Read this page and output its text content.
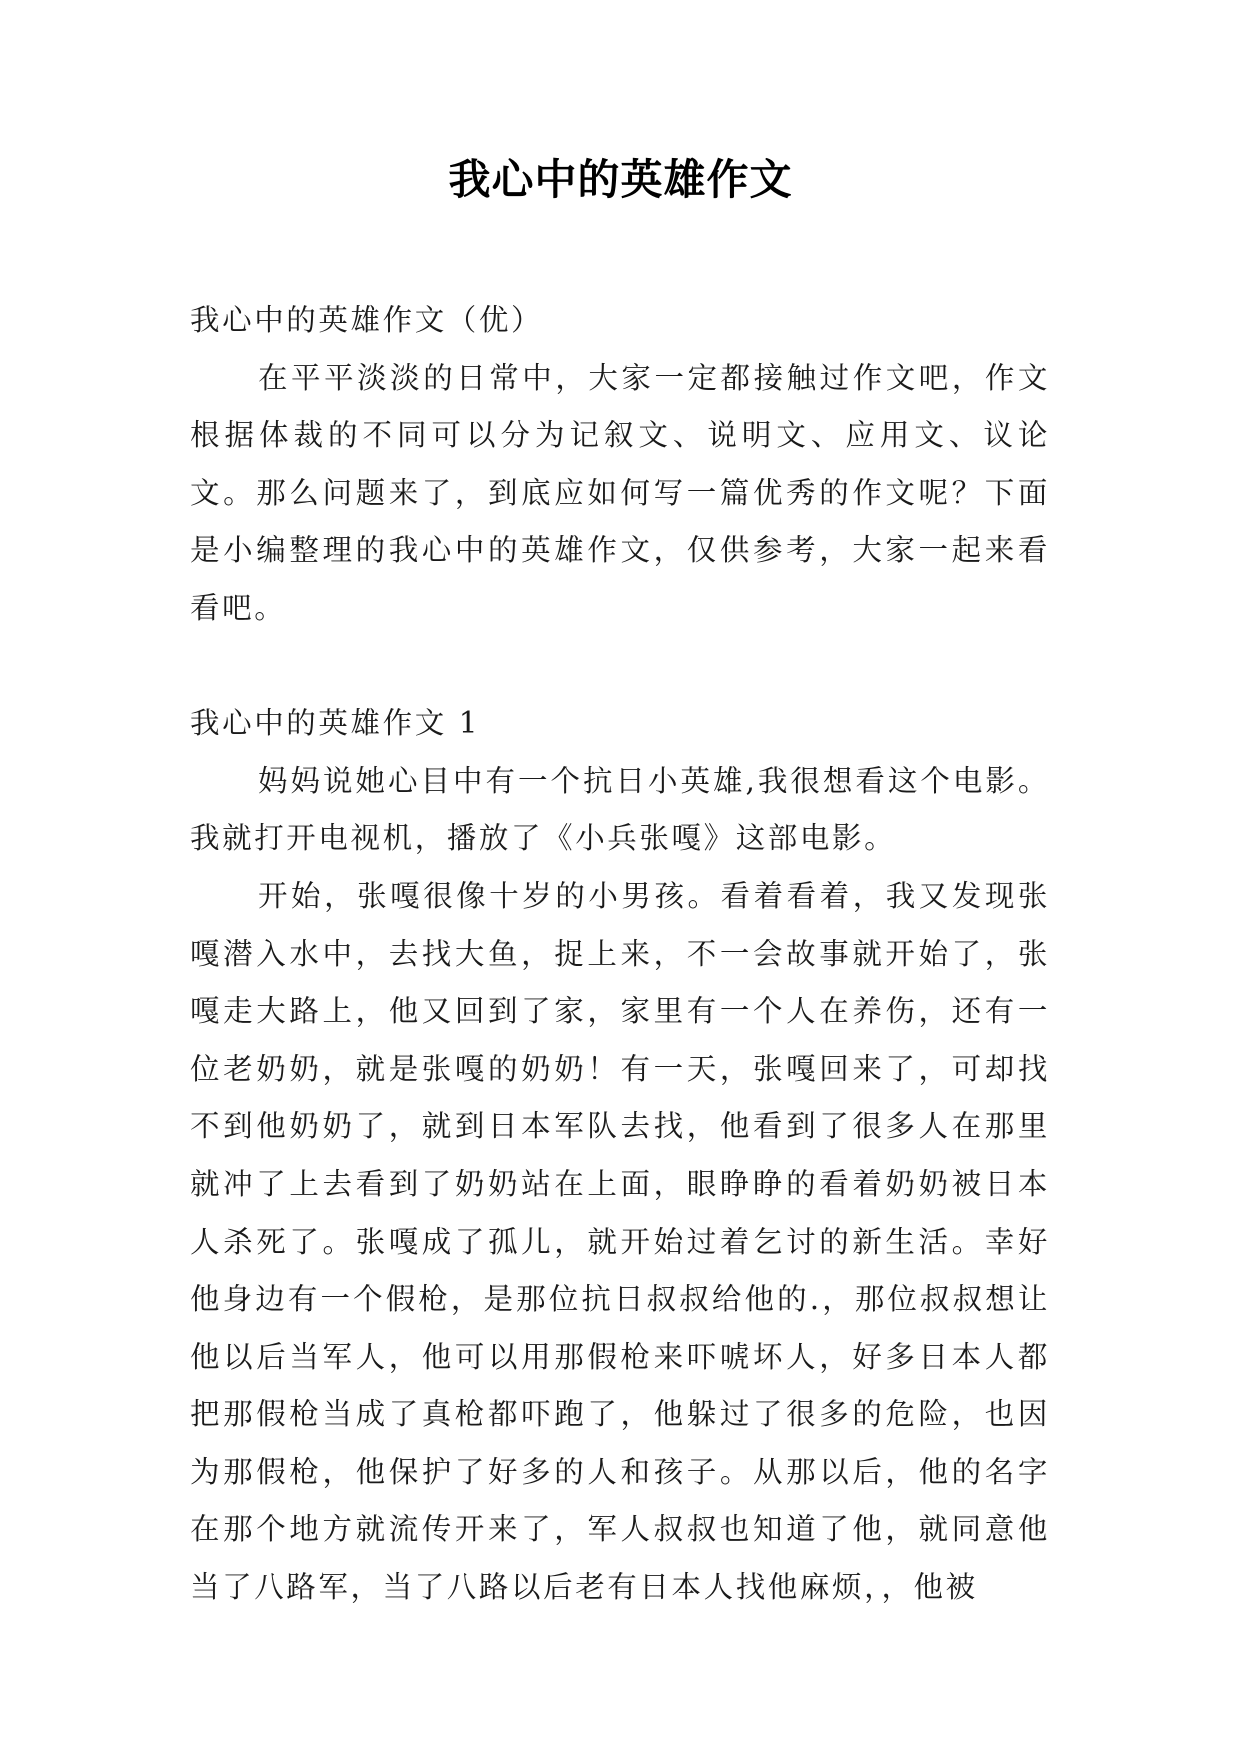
我心中的英雄作文
我心中的英雄作文（优）

在平平淡淡的日常中，大家一定都接触过作文吧，作文根据体裁的不同可以分为记叙文、说明文、应用文、议论文。那么问题来了，到底应如何写一篇优秀的作文呢？下面是小编整理的我心中的英雄作文，仅供参考，大家一起来看看吧。

我心中的英雄作文 1

妈妈说她心目中有一个抗日小英雄,我很想看这个电影。我就打开电视机，播放了《小兵张嘎》这部电影。

开始，张嘎很像十岁的小男孩。看着看着，我又发现张嘎潜入水中，去找大鱼，捉上来，不一会故事就开始了，张嘎走大路上，他又回到了家，家里有一个人在养伤，还有一位老奶奶，就是张嘎的奶奶！有一天，张嘎回来了，可却找不到他奶奶了，就到日本军队去找，他看到了很多人在那里就冲了上去看到了奶奶站在上面，眼睁睁的看着奶奶被日本人杀死了。张嘎成了孤儿，就开始过着乞讨的新生活。幸好他身边有一个假枪，是那位抗日叔叔给他的.，那位叔叔想让他以后当军人，他可以用那假枪来吓唬坏人，好多日本人都把那假枪当成了真枪都吓跑了，他躲过了很多的危险，也因为那假枪，他保护了好多的人和孩子。从那以后，他的名字在那个地方就流传开来了，军人叔叔也知道了他，就同意他当了八路军，当了八路以后老有日本人找他麻烦，，他被
